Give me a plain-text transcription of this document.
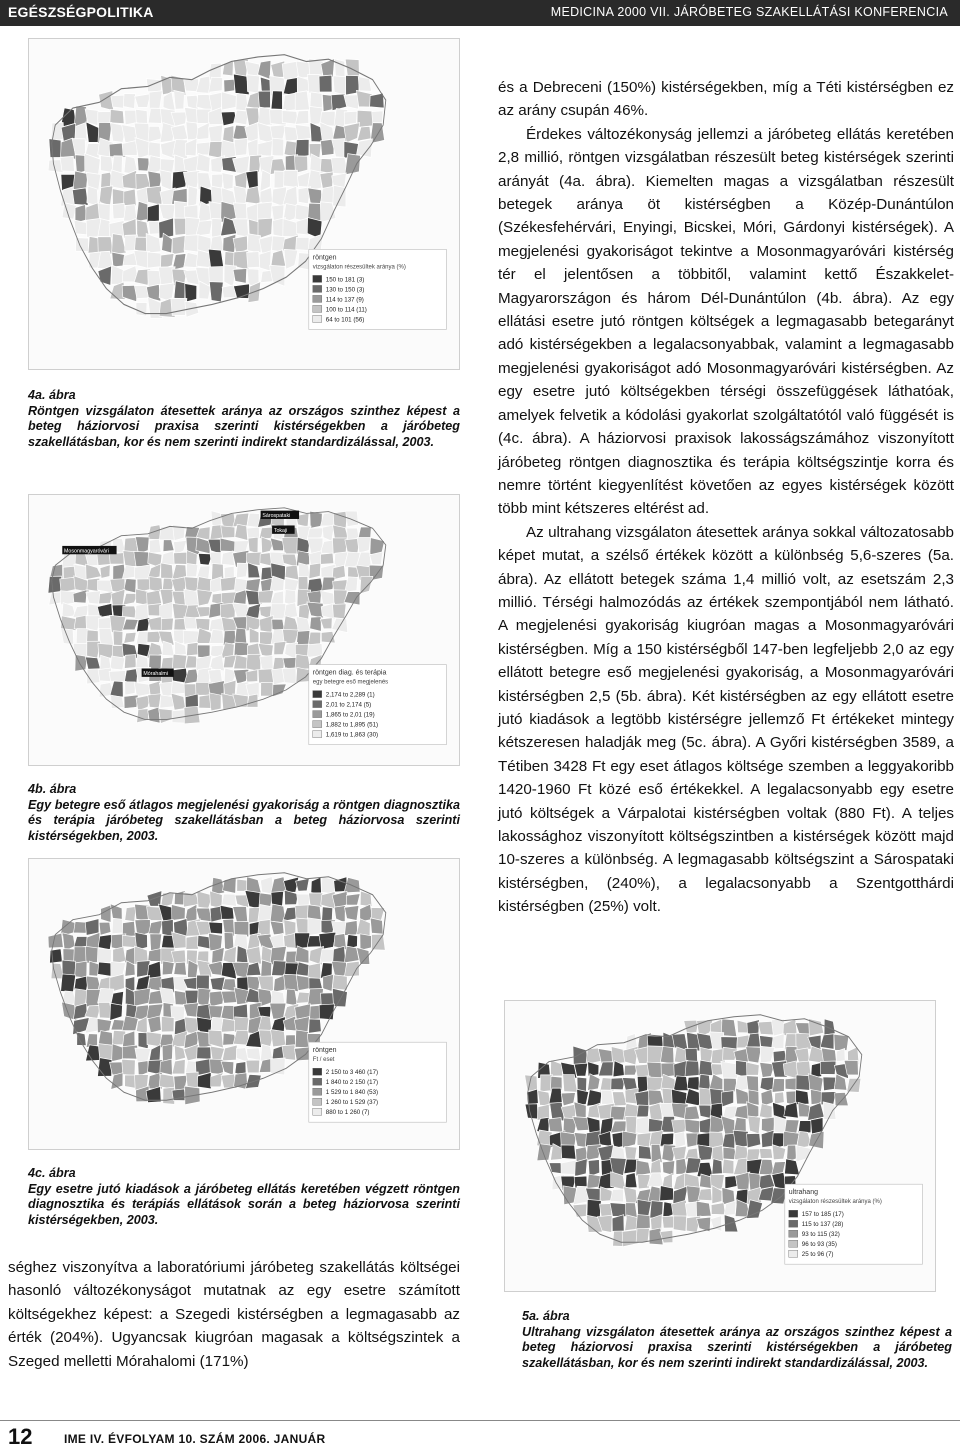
EGÉSZSÉGPOLITIKA	MEDICINA 2000 VII. JÁRÓBETEG SZAKELLÁTÁSI KONFERENCIA
röntgen
vizsgálaton részesültek aránya (%)
150 to 181 (3)
130 to 150 (3)
114 to 137 (9)
100 to 114 (11)
64 to 101 (56)
4a. ábra
Röntgen vizsgálaton átesettek aránya az országos szinthez képest a beteg háziorvosi praxisa szerinti kistérségekben a járóbeteg szakellátásban, kor és nem szerinti indirekt standardizálással, 2003.
Mosonmagyaróvári
Sárospataki
Tokaji
Mórahalmi	röntgen diag. és terápia
egy betegre eső megjelenés
2,174 to 2,289 (1)
2,01 to 2,174 (5)
1,865 to 2,01 (19)
1,882 to 1,895 (51)
1,619 to 1,863 (30)
4b. ábra
Egy betegre eső átlagos megjelenési gyakoriság a röntgen diagnosztika és terápia járóbeteg szakellátásban a beteg háziorvosa szerinti kistérségekben, 2003.
röntgen
Ft / eset
2 150 to 3 460 (17)
1 840 to 2 150 (17)
1 529 to 1 840 (53)
1 260 to 1 529 (37)
880 to 1 260 (7)
4c. ábra
Egy esetre jutó kiadások a járóbeteg ellátás keretében végzett röntgen diagnosztika és terápiás ellátások során a beteg háziorvosa szerinti kistérségekben, 2003.
ultrahang
vizsgálaton részesültek aránya (%)
157 to 185 (17)
115 to 137 (28)
93 to 115 (32)
96 to 93 (35)
25 to 96 (7)
5a. ábra
Ultrahang vizsgálaton átesettek aránya az országos szinthez képest a beteg háziorvosi praxisa szerinti kistérségekben a járóbeteg szakellátásban, kor és nem szerinti indirekt standardizálással, 2003.

és a Debreceni (150%) kistérségekben, míg a Téti kistérségben ez az arány csupán 46%.

Érdekes változékonyság jellemzi a járóbeteg ellátás keretében 2,8 millió, röntgen vizsgálatban részesült beteg kistérségek szerinti arányát (4a. ábra). Kiemelten magas a vizsgálatban részesült betegek aránya öt kistérségben a Közép-Dunántúlon (Székesfehérvári, Enyingi, Bicskei, Móri, Gárdonyi kistérségek). A megjelenési gyakoriságot tekintve a Mosonmagyaróvári kistérség tér el jelentősen a többitől, valamint kettő Északkelet-Magyarországon és három Dél-Dunántúlon (4b. ábra). Az egy ellátási esetre jutó röntgen költségek a legmagasabb betegarányt adó kistérségekben a legalacsonyabbak, valamint a legmagasabb megjelenési gyakoriságot adó Mosonmagyaróvári kistérségben. Az egy esetre jutó költségekben térségi összefüggések láthatóak, amelyek felvetik a kódolási gyakorlat szolgáltatótól való függését is (4c. ábra). A háziorvosi praxisok lakosságszámához viszonyított járóbeteg röntgen diagnosztika és terápia költségszintje korra és nemre történt kiegyenlítést követően az egyes kistérségek között több mint kétszeres eltérést ad.

Az ultrahang vizsgálaton átesettek aránya sokkal változatosabb képet mutat, a szélső értékek között a különbség 5,6-szeres (5a. ábra). Az ellátott betegek száma 1,4 millió volt, az esetszám 2,3 millió. Térségi halmozódás az értékek szempontjából nem látható. A megjelenési gyakoriság kiugróan magas a Mosonmagyaróvári kistérségben. Míg a 150 kistérségből 147-ben legfeljebb 2,0 az egy ellátott betegre eső megjelenési gyakoriság, a Mosonmagyaróvári kistérségben 2,5 (5b. ábra). Két kistérségben az egy ellátott esetre jutó kiadások a legtöbb kistérségre jellemző Ft értékeket mintegy kétszeresen haladják meg (5c. ábra). A Győri kistérségben 3589, a Tétiben 3428 Ft egy eset átlagos költsége szemben a leggyakoribb 1420-1960 Ft közé eső értékekkel. A legalacsonyabb egy esetre jutó költségek a Várpalotai kistérségben voltak (880 Ft). A teljes lakossághoz viszonyított költségszintben a kistérségek között majd 10-szeres a különbség. A legmagasabb költségszint a Sárospataki kistérségben, (240%), a legalacsonyabb a Szentgotthárdi kistérségben (25%) volt.

séghez viszonyítva a laboratóriumi járóbeteg szakellátás költségei hasonló változékonyságot mutatnak az egy esetre számított költségekhez képest: a Szegedi kistérségben a legmagasabb az érték (204%). Ugyancsak kiugróan magasak a költségszintek a Szeged melletti Mórahalomi (171%)

12	IME IV. ÉVFOLYAM 10. SZÁM 2006. JANUÁR
